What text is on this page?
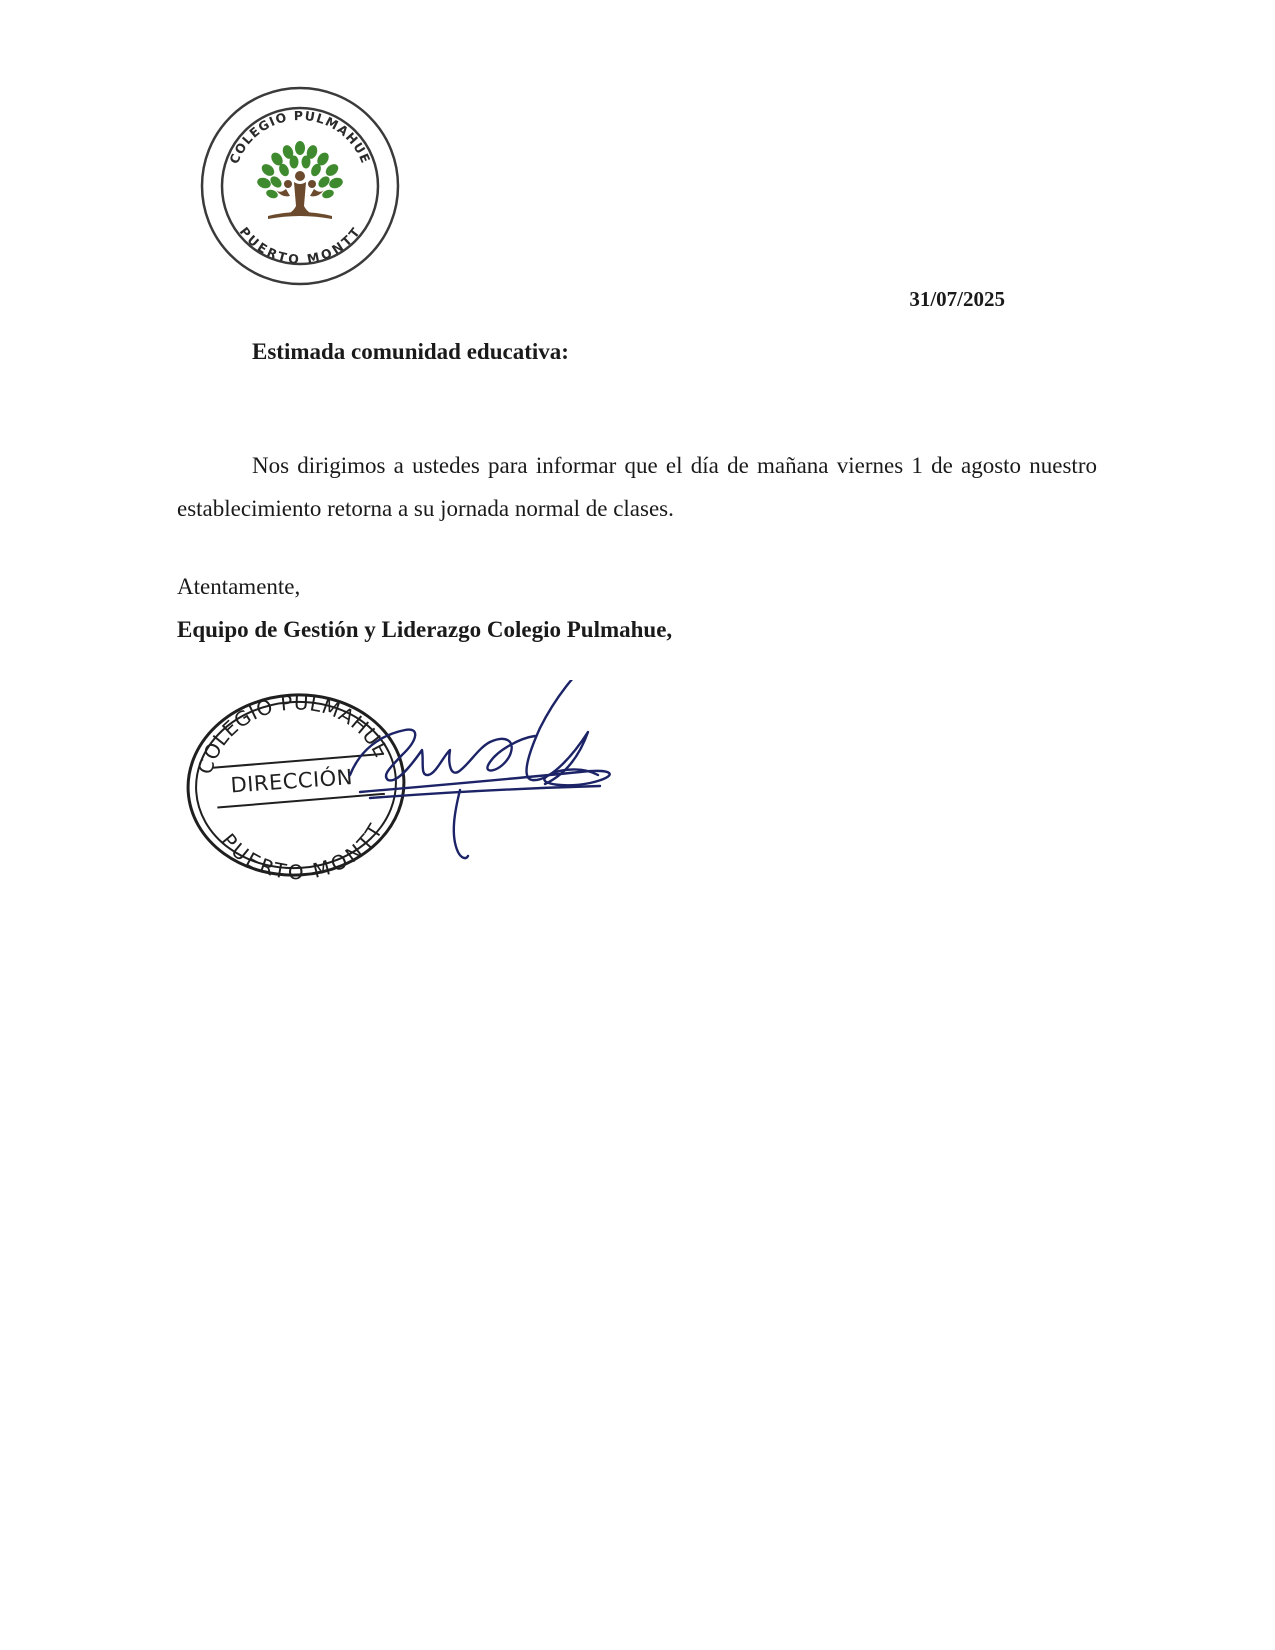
COLEGIO PULMAHUE
PUERTO MONTT
31/07/2025
Estimada comunidad educativa:

Nos dirigimos a ustedes para informar que el día de mañana viernes 1 de agosto nuestro establecimiento retorna a su jornada normal de clases.

Atentamente,
Equipo de Gestión y Liderazgo Colegio Pulmahue,
COLEGIO PULMAHUE
DIRECCIÓN
PUERTO MONTT
